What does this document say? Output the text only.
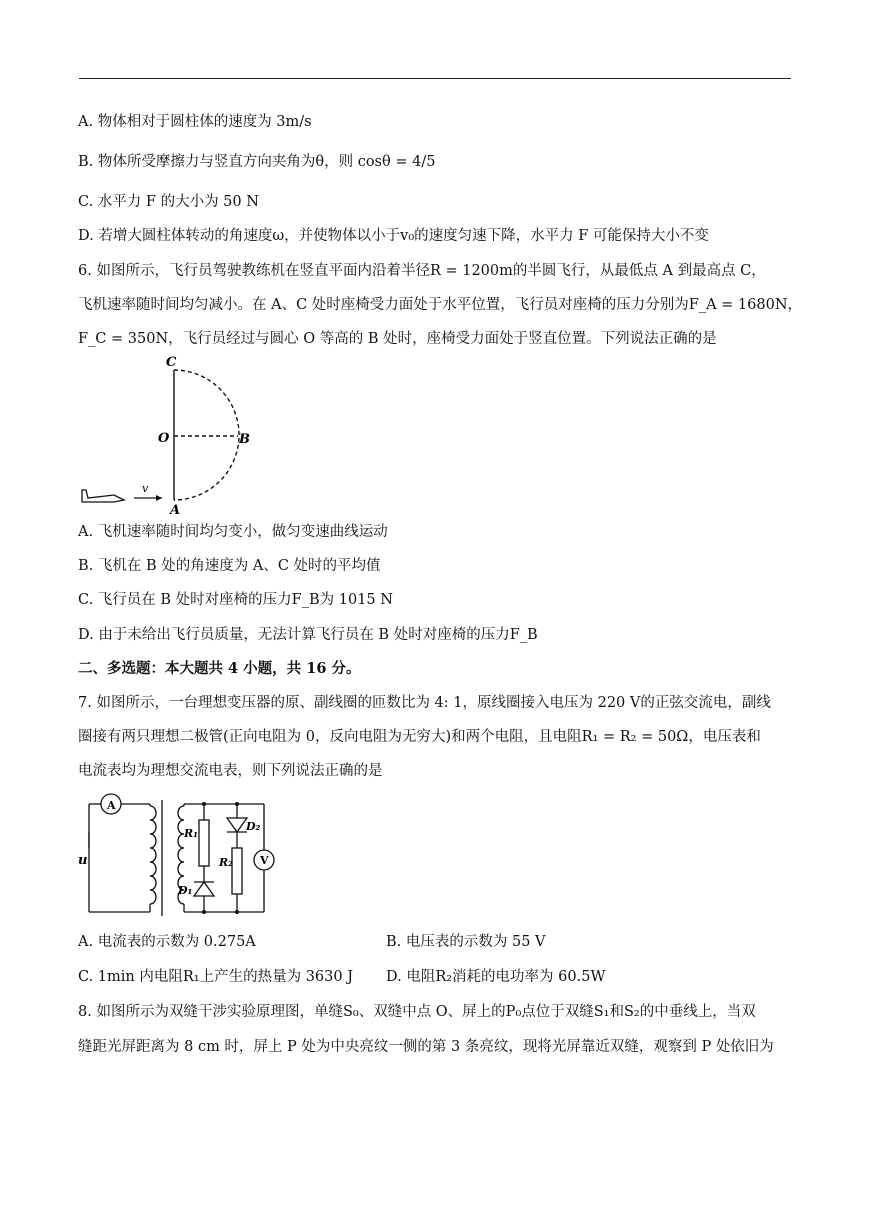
A. 物体相对于圆柱体的速度为 3m/s
B. 物体所受摩擦力与竖直方向夹角为θ，则 cosθ = 4/5
C. 水平力 F 的大小为 50 N
D. 若增大圆柱体转动的角速度ω，并使物体以小于v₀的速度匀速下降，水平力 F 可能保持大小不变
6. 如图所示，飞行员驾驶教练机在竖直平面内沿着半径R = 1200m的半圆飞行，从最低点 A 到最高点 C，
飞机速率随时间均匀减小。在 A、C 处时座椅受力面处于水平位置，飞行员对座椅的压力分别为F_A = 1680N，
F_C = 350N，飞行员经过与圆心 O 等高的 B 处时，座椅受力面处于竖直位置。下列说法正确的是
C
O	B
A
v
A. 飞机速率随时间均匀变小，做匀变速曲线运动
B. 飞机在 B 处的角速度为 A、C 处时的平均值
C. 飞行员在 B 处时对座椅的压力F_B为 1015 N
D. 由于未给出飞行员质量，无法计算飞行员在 B 处时对座椅的压力F_B
二、多选题：本大题共 4 小题，共 16 分。
7. 如图所示，一台理想变压器的原、副线圈的匝数比为 4: 1，原线圈接入电压为 220 V的正弦交流电，副线
圈接有两只理想二极管(正向电阻为 0，反向电阻为无穷大)和两个电阻，且电阻R₁ = R₂ = 50Ω，电压表和
电流表均为理想交流电表，则下列说法正确的是
A
V
u
R₁
R₂
D₁
D₂
A. 电流表的示数为 0.275A	B. 电压表的示数为 55 V
C. 1min 内电阻R₁上产生的热量为 3630 J D. 电阻R₂消耗的电功率为 60.5W
8. 如图所示为双缝干涉实验原理图，单缝S₀、双缝中点 O、屏上的P₀点位于双缝S₁和S₂的中垂线上，当双
缝距光屏距离为 8 cm 时，屏上 P 处为中央亮纹一侧的第 3 条亮纹，现将光屏靠近双缝，观察到 P 处依旧为
